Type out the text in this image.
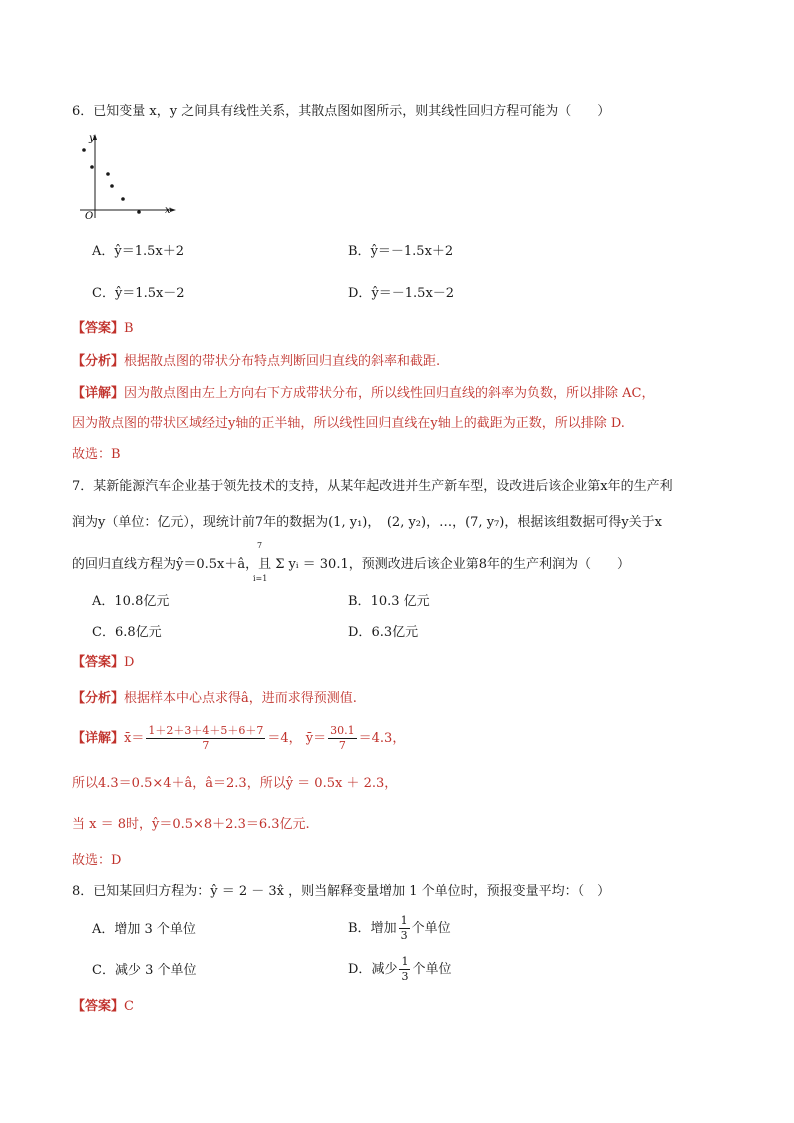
6．已知变量 x，y 之间具有线性关系，其散点图如图所示，则其线性回归方程可能为（　　）
y
x
O
A．ŷ＝1.5x＋2	B．ŷ＝－1.5x＋2
C．ŷ＝1.5x－2	D．ŷ＝－1.5x－2
【答案】B
【分析】根据散点图的带状分布特点判断回归直线的斜率和截距.
【详解】因为散点图由左上方向右下方成带状分布，所以线性回归直线的斜率为负数，所以排除 AC，
因为散点图的带状区域经过y轴的正半轴，所以线性回归直线在y轴上的截距为正数，所以排除 D.
故选：B
7．某新能源汽车企业基于领先技术的支持，从某年起改进并生产新车型，设改进后该企业第x年的生产利
润为y（单位：亿元），现统计前7年的数据为(1, y₁)，　(2, y₂)，…，(7, y₇)，根据该组数据可得y关于x
的回归直线方程为ŷ＝0.5x＋â，且 Σ yᵢ ＝ 30.1，预测改进后该企业第8年的生产利润为（　　）
7
i=1
A．10.8亿元	B．10.3 亿元
C．6.8亿元	D．6.3亿元
【答案】D
【分析】根据样本中心点求得â，进而求得预测值.
【详解】x̄＝ $\frac{1+2+3+4+5+6+7}{7} =4$， ȳ＝ $\frac{30.1}{7} =4.3$，
所以4.3＝0.5×4＋â，â＝2.3，所以ŷ ＝ 0.5x ＋ 2.3，
当 x ＝ 8时，ŷ＝0.5×8＋2.3＝6.3亿元.
故选：D
8．已知某回归方程为：ŷ ＝ 2 － 3x̂ ，则当解释变量增加 1 个单位时，预报变量平均：（　）
A．增加 3 个单位	B．增加 $\frac{1}{3}$ 个单位
C．减少 3 个单位	D．减少 $\frac{1}{3}$ 个单位
【答案】C
